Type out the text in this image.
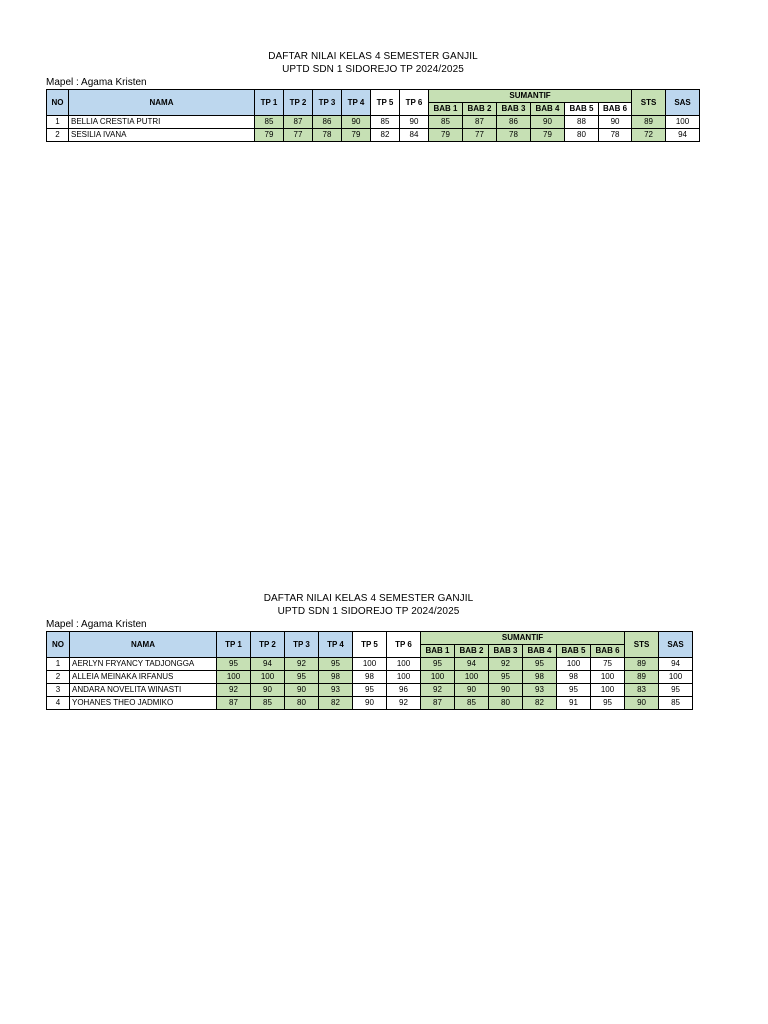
DAFTAR NILAI KELAS 4 SEMESTER GANJIL
UPTD SDN 1 SIDOREJO TP 2024/2025
Mapel : Agama Kristen
NO	NAMA	TP 1	TP 2	TP 3	TP 4	TP 5	TP 6	SUMANTIF						STS	SAS
								BAB 1	BAB 2	BAB 3	BAB 4	BAB 5	BAB 6		
1	BELLIA CRESTIA PUTRI	85	87	86	90	85	90	85	87	86	90	88	90	89	100
2	SESILIA IVANA	79	77	78	79	82	84	79	77	78	79	80	78	72	94
DAFTAR NILAI KELAS 4 SEMESTER GANJIL
UPTD SDN 1 SIDOREJO TP 2024/2025
Mapel : Agama Kristen
NO	NAMA	TP 1	TP 2	TP 3	TP 4	TP 5	TP 6	SUMANTIF						STS	SAS
								BAB 1	BAB 2	BAB 3	BAB 4	BAB 5	BAB 6		
1	AERLYN FRYANCY TADJONGGA	95	94	92	95	100	100	95	94	92	95	100	75	89	94
2	ALLEIA MEINAKA IRFANUS	100	100	95	98	98	100	100	100	95	98	98	100	89	100
3	ANDARA NOVELITA WINASTI	92	90	90	93	95	96	92	90	90	93	95	100	83	95
4	YOHANES THEO JADMIKO	87	85	80	82	90	92	87	85	80	82	91	95	90	85
